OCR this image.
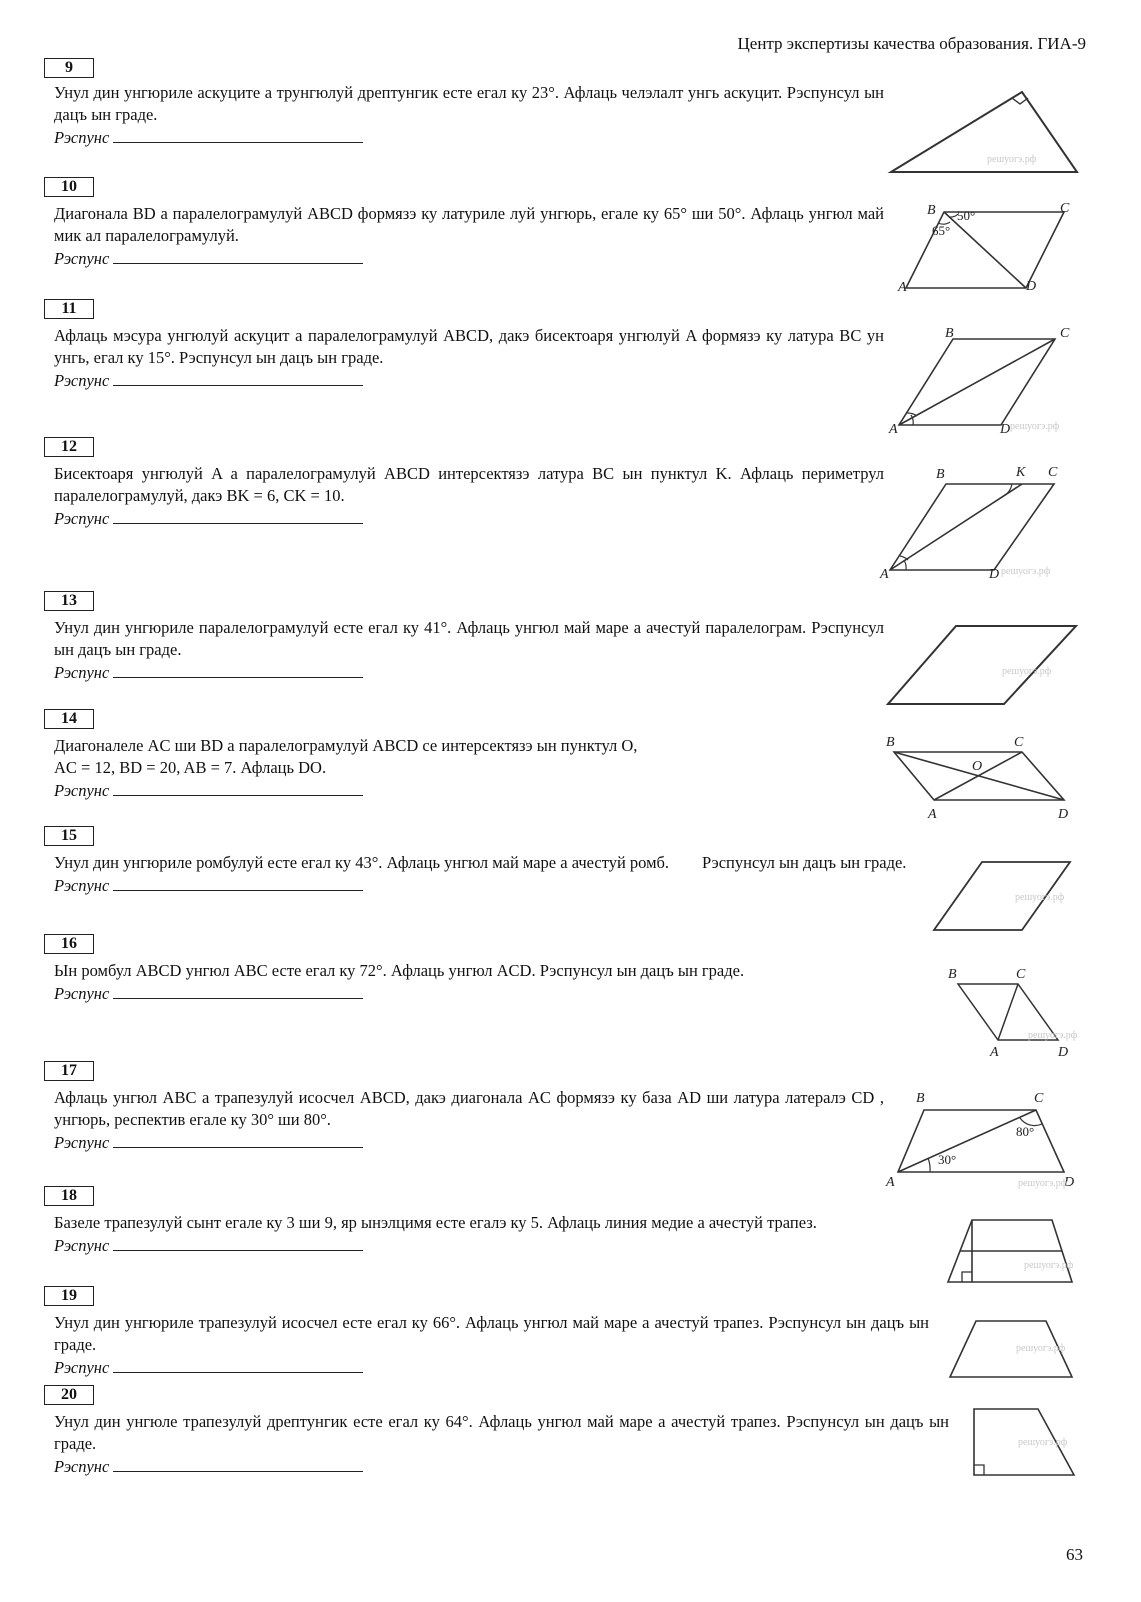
Центр экспертизы качества образования. ГИА-9
9
Унул дин унгюриле аскуците а трунгюлуй дрептунгик есте егал ку 23°. Афлаць челэлалт унгь аскуцит. Рэспунсул ын дацъ ын граде.
Рэспунс
10
Диагонала BD а паралелограмулуй ABCD формязэ ку латуриле луй унгюрь, егале ку 65° ши 50°. Афлаць унгюл май мик ал паралелограмулуй.
Рэспунс
11
Афлаць мэсура унгюлуй аскуцит а паралелограмулуй ABCD, дакэ бисектоаря унгюлуй A формязэ ку латура BC ун унгь, егал ку 15°. Рэспунсул ын дацъ ын граде.
Рэспунс
12
Бисектоаря унгюлуй A а паралелограмулуй ABCD интерсектязэ латура BC ын пунктул K. Афлаць периметрул паралелограмулуй, дакэ BK = 6, CK = 10.
Рэспунс
13
Унул дин унгюриле паралелограмулуй есте егал ку 41°. Афлаць унгюл май маре а ачестуй паралелограм. Рэспунсул ын дацъ ын граде.
Рэспунс
14
Диагоналеле AC ши BD а паралелограмулуй ABCD се интерсектязэ ын пунктул O, AC = 12, BD = 20, AB = 7. Афлаць DO.
Рэспунс
15
Унул дин унгюриле ромбулуй есте егал ку 43°. Афлаць унгюл май маре а ачестуй ромб.        Рэспунсул ын дацъ ын граде.
Рэспунс
16
Ын ромбул ABCD унгюл ABC есте егал ку 72°. Афлаць унгюл ACD. Рэспунсул ын дацъ ын граде.
Рэспунс
17
Афлаць унгюл ABC а трапезулуй исосчел ABCD, дакэ диагонала AC формязэ ку база AD ши латура латералэ CD , унгюрь, респектив егале ку 30° ши 80°.
Рэспунс
18
Базеле трапезулуй сынт егале ку 3 ши 9, яр ынэлцимя есте егалэ ку 5. Афлаць линия медие а ачестуй трапез.
Рэспунс
19
Унул дин унгюриле трапезулуй исосчел есте егал ку 66°. Афлаць унгюл май маре а ачестуй трапез. Рэспунсул ын дацъ ын граде.
Рэспунс
20
Унул дин унгюле трапезулуй дрептунгик есте егал ку 64°. Афлаць унгюл май маре а ачестуй трапез. Рэспунсул ын дацъ ын граде.
Рэспунс
решуогэ.рф
B	C
A	D
50°
65°
B	C
A	D решуогэ.рф
B	K C
A	D решуогэ.рф
решуогэ.рф
B	C
O
A	D
решуогэ.рф
B	C
A	D
решуогэ.рф
B	C
A	D
80°
30°
решуогэ.рф
решуогэ.рф
решуогэ.рф
решуогэ.рф
63
